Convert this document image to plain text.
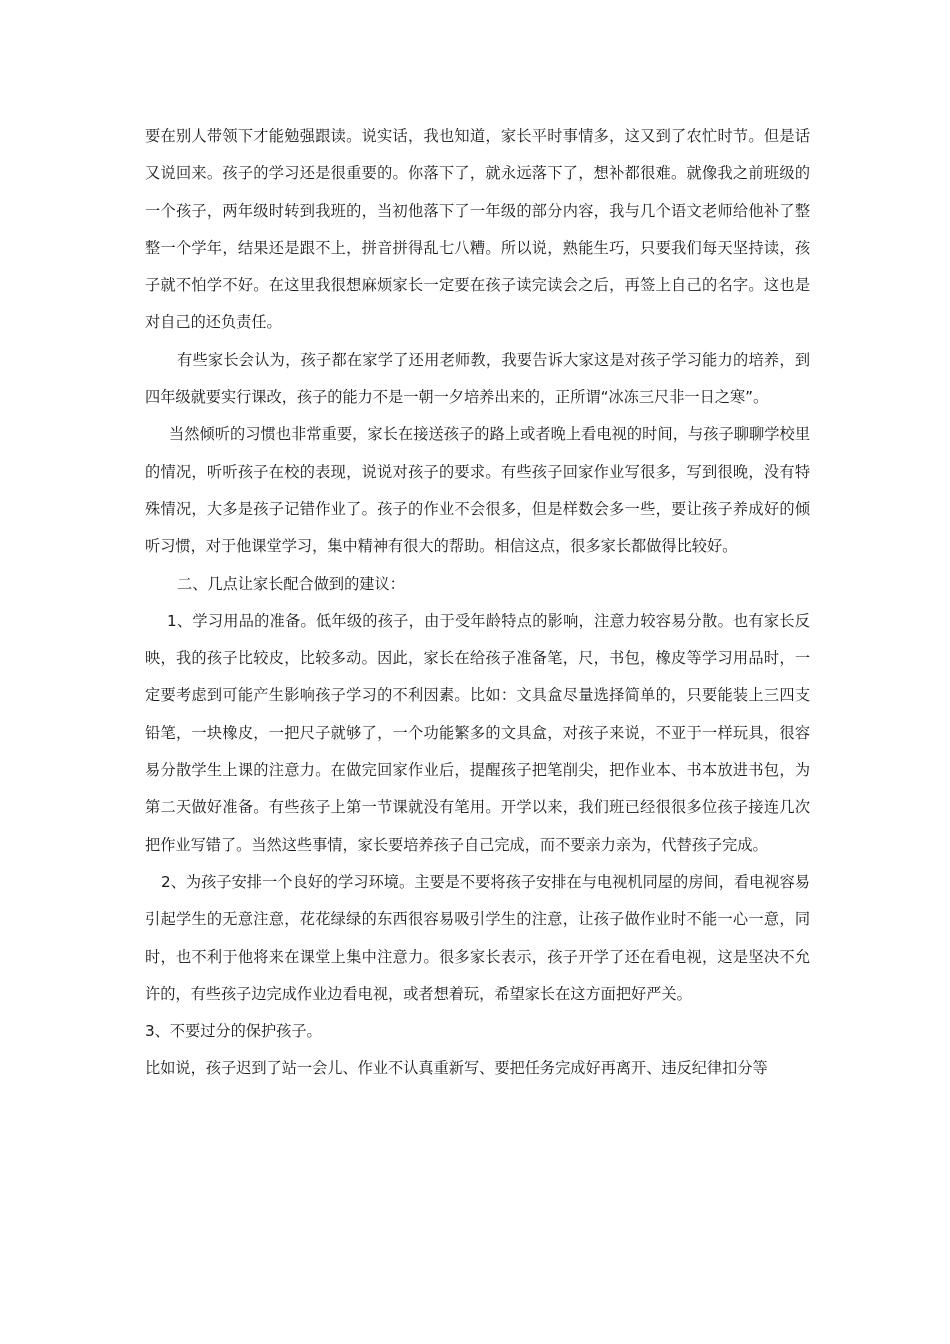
要在别人带领下才能勉强跟读。说实话，我也知道，家长平时事情多，这又到了农忙时节。但是话又说回来。孩子的学习还是很重要的。你落下了，就永远落下了，想补都很难。就像我之前班级的一个孩子，两年级时转到我班的，当初他落下了一年级的部分内容，我与几个语文老师给他补了整整一个学年，结果还是跟不上，拼音拼得乱七八糟。所以说，熟能生巧，只要我们每天坚持读，孩子就不怕学不好。在这里我很想麻烦家长一定要在孩子读完读会之后，再签上自己的名字。这也是对自己的还负责任。

有些家长会认为，孩子都在家学了还用老师教，我要告诉大家这是对孩子学习能力的培养，到四年级就要实行课改，孩子的能力不是一朝一夕培养出来的，正所谓“冰冻三尺非一日之寒”。

当然倾听的习惯也非常重要，家长在接送孩子的路上或者晚上看电视的时间，与孩子聊聊学校里的情况，听听孩子在校的表现，说说对孩子的要求。有些孩子回家作业写很多，写到很晚，没有特殊情况，大多是孩子记错作业了。孩子的作业不会很多，但是样数会多一些，要让孩子养成好的倾听习惯，对于他课堂学习，集中精神有很大的帮助。相信这点，很多家长都做得比较好。

二、几点让家长配合做到的建议：

1、学习用品的准备。低年级的孩子，由于受年龄特点的影响，注意力较容易分散。也有家长反映，我的孩子比较皮，比较多动。因此，家长在给孩子准备笔，尺，书包，橡皮等学习用品时，一定要考虑到可能产生影响孩子学习的不利因素。比如：文具盒尽量选择简单的，只要能装上三四支铅笔，一块橡皮，一把尺子就够了，一个功能繁多的文具盒，对孩子来说，不亚于一样玩具，很容易分散学生上课的注意力。在做完回家作业后，提醒孩子把笔削尖，把作业本、书本放进书包，为第二天做好准备。有些孩子上第一节课就没有笔用。开学以来，我们班已经很很多位孩子接连几次把作业写错了。当然这些事情，家长要培养孩子自己完成，而不要亲力亲为，代替孩子完成。

2、为孩子安排一个良好的学习环境。主要是不要将孩子安排在与电视机同屋的房间，看电视容易引起学生的无意注意，花花绿绿的东西很容易吸引学生的注意，让孩子做作业时不能一心一意，同时，也不利于他将来在课堂上集中注意力。很多家长表示，孩子开学了还在看电视，这是坚决不允许的，有些孩子边完成作业边看电视，或者想着玩，希望家长在这方面把好严关。

3、不要过分的保护孩子。

比如说，孩子迟到了站一会儿、作业不认真重新写、要把任务完成好再离开、违反纪律扣分等
